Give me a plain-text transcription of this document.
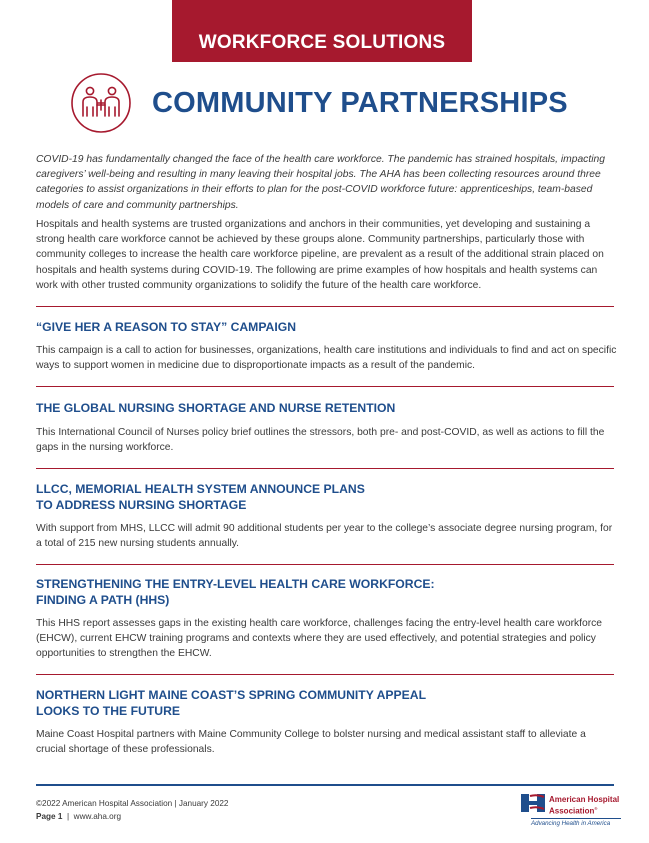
WORKFORCE SOLUTIONS
COMMUNITY PARTNERSHIPS

COVID-19 has fundamentally changed the face of the health care workforce. The pandemic has strained hospitals, impacting caregivers’ well-being and resulting in many leaving their hospital jobs. The AHA has been collecting resources around three categories to assist organizations in their efforts to plan for the post-COVID workforce future: apprenticeships, team-based models of care and community partnerships.

Hospitals and health systems are trusted organizations and anchors in their communities, yet developing and sustaining a strong health care workforce cannot be achieved by these groups alone. Community partnerships, particularly those with community colleges to increase the health care workforce pipeline, are prevalent as a result of the additional strain placed on hospitals and health systems during COVID-19. The following are prime examples of how hospitals and health systems can work with other trusted community organizations to solidify the future of the health care workforce.

“GIVE HER A REASON TO STAY” CAMPAIGN

This campaign is a call to action for businesses, organizations, health care institutions and individuals to find and act on specific ways to support women in medicine due to disproportionate impacts as a result of the pandemic.

THE GLOBAL NURSING SHORTAGE AND NURSE RETENTION

This International Council of Nurses policy brief outlines the stressors, both pre- and post-COVID, as well as actions to fill the gaps in the nursing workforce.

LLCC, MEMORIAL HEALTH SYSTEM ANNOUNCE PLANS
TO ADDRESS NURSING SHORTAGE

With support from MHS, LLCC will admit 90 additional students per year to the college’s associate degree nursing program, for a total of 215 new nursing students annually.

STRENGTHENING THE ENTRY-LEVEL HEALTH CARE WORKFORCE:
FINDING A PATH (HHS)

This HHS report assesses gaps in the existing health care workforce, challenges facing the entry-level health care workforce (EHCW), current EHCW training programs and contexts where they are used effectively, and potential strategies and policy opportunities to strengthen the EHCW.

NORTHERN LIGHT MAINE COAST’S SPRING COMMUNITY APPEAL
LOOKS TO THE FUTURE

Maine Coast Hospital partners with Maine Community College to bolster nursing and medical assistant staff to alleviate a crucial shortage of these professionals.

©2022 American Hospital Association | January 2022
Page 1 | www.aha.org
American Hospital
Association®
Advancing Health in America
